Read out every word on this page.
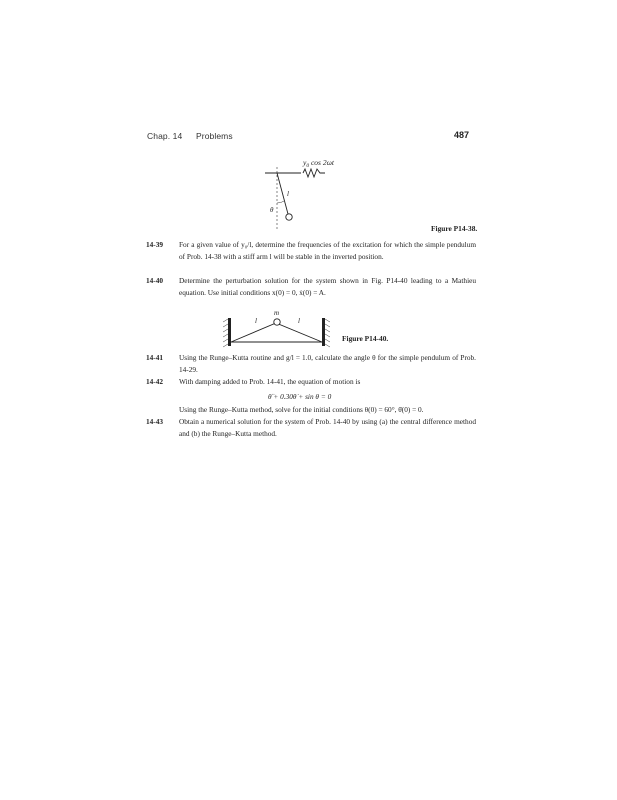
Chap. 14 Problems	487
$y_0$ cos 2ωt
l
θ
Figure P14-38.
14-39	For a given value of y₀/l, determine the frequencies of the excitation for which the simple pendulum of Prob. 14-38 with a stiff arm l will be stable in the inverted position.
14-40	Determine the perturbation solution for the system shown in Fig. P14-40 leading to a Mathieu equation. Use initial conditions x(0) = 0, ẋ(0) = A.
m
l	l
Figure P14-40.
14-41	Using the Runge–Kutta routine and g/l = 1.0, calculate the angle θ for the simple pendulum of Prob. 14-29.
14-42	With damping added to Prob. 14-41, the equation of motion is
θ̈ + 0.30θ̇ + sin θ = 0
Using the Runge–Kutta method, solve for the initial conditions θ(0) = 60°, θ̇(0) = 0.
14-43	Obtain a numerical solution for the system of Prob. 14-40 by using (a) the central difference method and (b) the Runge–Kutta method.
